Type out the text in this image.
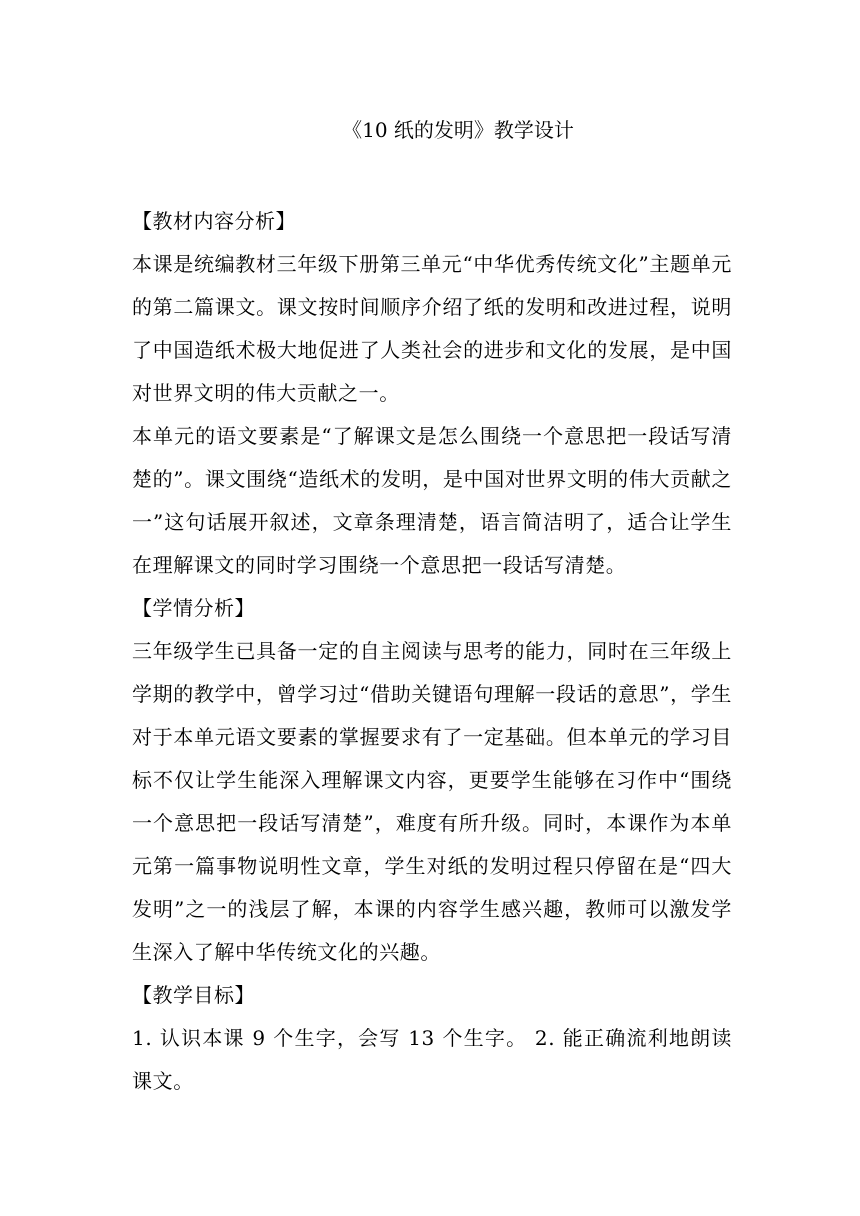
《10 纸的发明》教学设计

【教材内容分析】

本课是统编教材三年级下册第三单元“中华优秀传统文化”主题单元的第二篇课文。课文按时间顺序介绍了纸的发明和改进过程，说明了中国造纸术极大地促进了人类社会的进步和文化的发展，是中国对世界文明的伟大贡献之一。

本单元的语文要素是“了解课文是怎么围绕一个意思把一段话写清楚的”。课文围绕“造纸术的发明，是中国对世界文明的伟大贡献之一”这句话展开叙述，文章条理清楚，语言简洁明了，适合让学生在理解课文的同时学习围绕一个意思把一段话写清楚。

【学情分析】

三年级学生已具备一定的自主阅读与思考的能力，同时在三年级上学期的教学中，曾学习过“借助关键语句理解一段话的意思”，学生对于本单元语文要素的掌握要求有了一定基础。但本单元的学习目标不仅让学生能深入理解课文内容，更要学生能够在习作中“围绕一个意思把一段话写清楚”，难度有所升级。同时，本课作为本单元第一篇事物说明性文章，学生对纸的发明过程只停留在是“四大发明”之一的浅层了解，本课的内容学生感兴趣，教师可以激发学生深入了解中华传统文化的兴趣。

【教学目标】

1. 认识本课 9 个生字，会写 13 个生字。 2. 能正确流利地朗读课文。
